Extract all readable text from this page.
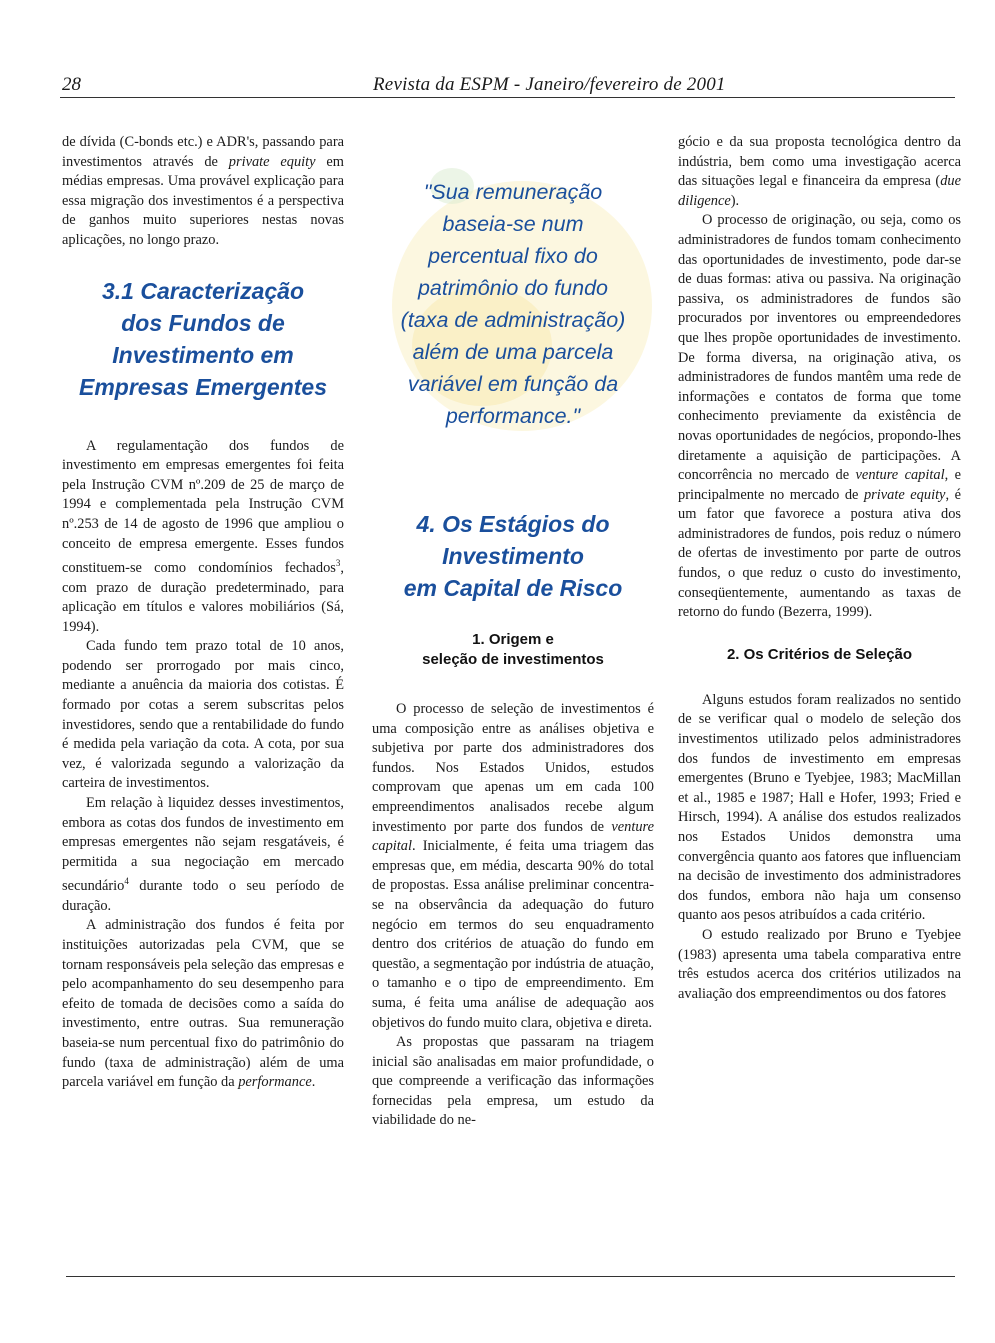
28	Revista da ESPM - Janeiro/fevereiro de 2001

de dívida (C-bonds etc.) e ADR's, passando para investimentos através de private equity em médias empresas. Uma provável explicação para essa migração dos investimentos é a perspectiva de ganhos muito superiores nestas novas aplicações, no longo prazo.

3.1 Caracterização
dos Fundos de
Investimento em
Empresas Emergentes

A regulamentação dos fundos de investimento em empresas emergentes foi feita pela Instrução CVM nº.209 de 25 de março de 1994 e complementada pela Instrução CVM nº.253 de 14 de agosto de 1996 que ampliou o conceito de empresa emergente. Esses fundos constituem-se como condomínios fechados$^3$, com prazo de duração predeterminado, para aplicação em títulos e valores mobiliários (Sá, 1994).

Cada fundo tem prazo total de 10 anos, podendo ser prorrogado por mais cinco, mediante a anuência da maioria dos cotistas. É formado por cotas a serem subscritas pelos investidores, sendo que a rentabilidade do fundo é medida pela variação da cota. A cota, por sua vez, é valorizada segundo a valorização da carteira de investimentos.

Em relação à liquidez desses investimentos, embora as cotas dos fundos de investimento em empresas emergentes não sejam resgatáveis, é permitida a sua negociação em mercado secundário$^4$ durante todo o seu período de duração.

A administração dos fundos é feita por instituições autorizadas pela CVM, que se tornam responsáveis pela seleção das empresas e pelo acompanhamento do seu desempenho para efeito de tomada de decisões como a saída do investimento, entre outras. Sua remuneração baseia-se num percentual fixo do patrimônio do fundo (taxa de administração) além de uma parcela variável em função da performance.

"Sua remuneração
baseia-se num
percentual fixo do
patrimônio do fundo
(taxa de administração)
além de uma parcela
variável em função da
performance."
4. Os Estágios do
Investimento
em Capital de Risco
1. Origem e
seleção de investimentos

O processo de seleção de investimentos é uma composição entre as análises objetiva e subjetiva por parte dos administradores dos fundos. Nos Estados Unidos, estudos comprovam que apenas um em cada 100 empreendimentos analisados recebe algum investimento por parte dos fundos de venture capital. Inicialmente, é feita uma triagem das empresas que, em média, descarta 90% do total de propostas. Essa análise preliminar concentra-se na observância da adequação do futuro negócio em termos do seu enquadramento dentro dos critérios de atuação do fundo em questão, a segmentação por indústria de atuação, o tamanho e o tipo de empreendimento. Em suma, é feita uma análise de adequação aos objetivos do fundo muito clara, objetiva e direta.

As propostas que passaram na triagem inicial são analisadas em maior profundidade, o que compreende a verificação das informações fornecidas pela empresa, um estudo da viabilidade do ne-

gócio e da sua proposta tecnológica dentro da indústria, bem como uma investigação acerca das situações legal e financeira da empresa (due diligence).

O processo de originação, ou seja, como os administradores de fundos tomam conhecimento das oportunidades de investimento, pode dar-se de duas formas: ativa ou passiva. Na originação passiva, os administradores de fundos são procurados por inventores ou empreendedores que lhes propõe oportunidades de investimento. De forma diversa, na originação ativa, os administradores de fundos mantêm uma rede de informações e contatos de forma que tome conhecimento previamente da existência de novas oportunidades de negócios, propondo-lhes diretamente a aquisição de participações. A concorrência no mercado de venture capital, e principalmente no mercado de private equity, é um fator que favorece a postura ativa dos administradores de fundos, pois reduz o número de ofertas de investimento por parte de outros fundos, o que reduz o custo do investimento, conseqüentemente, aumentando as taxas de retorno do fundo (Bezerra, 1999).

2. Os Critérios de Seleção

Alguns estudos foram realizados no sentido de se verificar qual o modelo de seleção dos investimentos utilizado pelos administradores dos fundos de investimento em empresas emergentes (Bruno e Tyebjee, 1983; MacMillan et al., 1985 e 1987; Hall e Hofer, 1993; Fried e Hirsch, 1994). A análise dos estudos realizados nos Estados Unidos demonstra uma convergência quanto aos fatores que influenciam na decisão de investimento dos administradores dos fundos, embora não haja um consenso quanto aos pesos atribuídos a cada critério.

O estudo realizado por Bruno e Tyebjee (1983) apresenta uma tabela comparativa entre três estudos acerca dos critérios utilizados na avaliação dos empreendimentos ou dos fatores
